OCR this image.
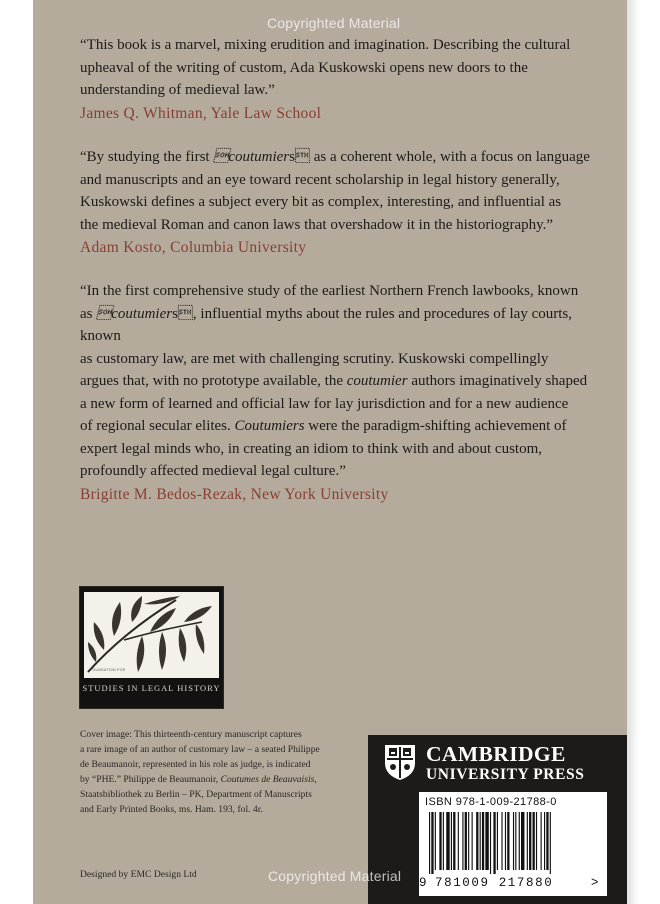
“This book is a marvel, mixing erudition and imagination. Describing the cultural

upheaval of the writing of custom, Ada Kuskowski opens new doors to the

understanding of medieval law.”

James Q. Whitman, Yale Law School

“By studying the first coutumiers as a coherent whole, with a focus on language

and manuscripts and an eye toward recent scholarship in legal history generally,

Kuskowski defines a subject every bit as complex, interesting, and influential as

the medieval Roman and canon laws that overshadow it in the historiography.”

Adam Kosto, Columbia University

“In the first comprehensive study of the earliest Northern French lawbooks, known

as coutumiers, influential myths about the rules and procedures of lay courts, known

as customary law, are met with challenging scrutiny. Kuskowski compellingly

argues that, with no prototype available, the coutumier authors imaginatively shaped

a new form of learned and official law for lay jurisdiction and for a new audience

of regional secular elites. Coutumiers were the paradigm-shifting achievement of

expert legal minds who, in creating an idiom to think with and about custom,

profoundly affected medieval legal culture.”

Brigitte M. Bedos-Rezak, New York University

FOUNDATION FOR
STUDIES IN LEGAL HISTORY

Cover image: This thirteenth-century manuscript captures

a rare image of an author of customary law – a seated Philippe

de Beaumanoir, represented in his role as judge, is indicated

by “PHE.” Philippe de Beaumanoir, Coutumes de Beauvaisis,

Staatsbibliothek zu Berlin – PK, Department of Manuscripts

and Early Printed Books, ms. Ham. 193, fol. 4r.

Designed by EMC Design Ltd
CAMBRIDGE
UNIVERSITY PRESS
ISBN 978-1-009-21788-0
9 781009 217880	>
Copyrighted Material
Copyrighted Material
